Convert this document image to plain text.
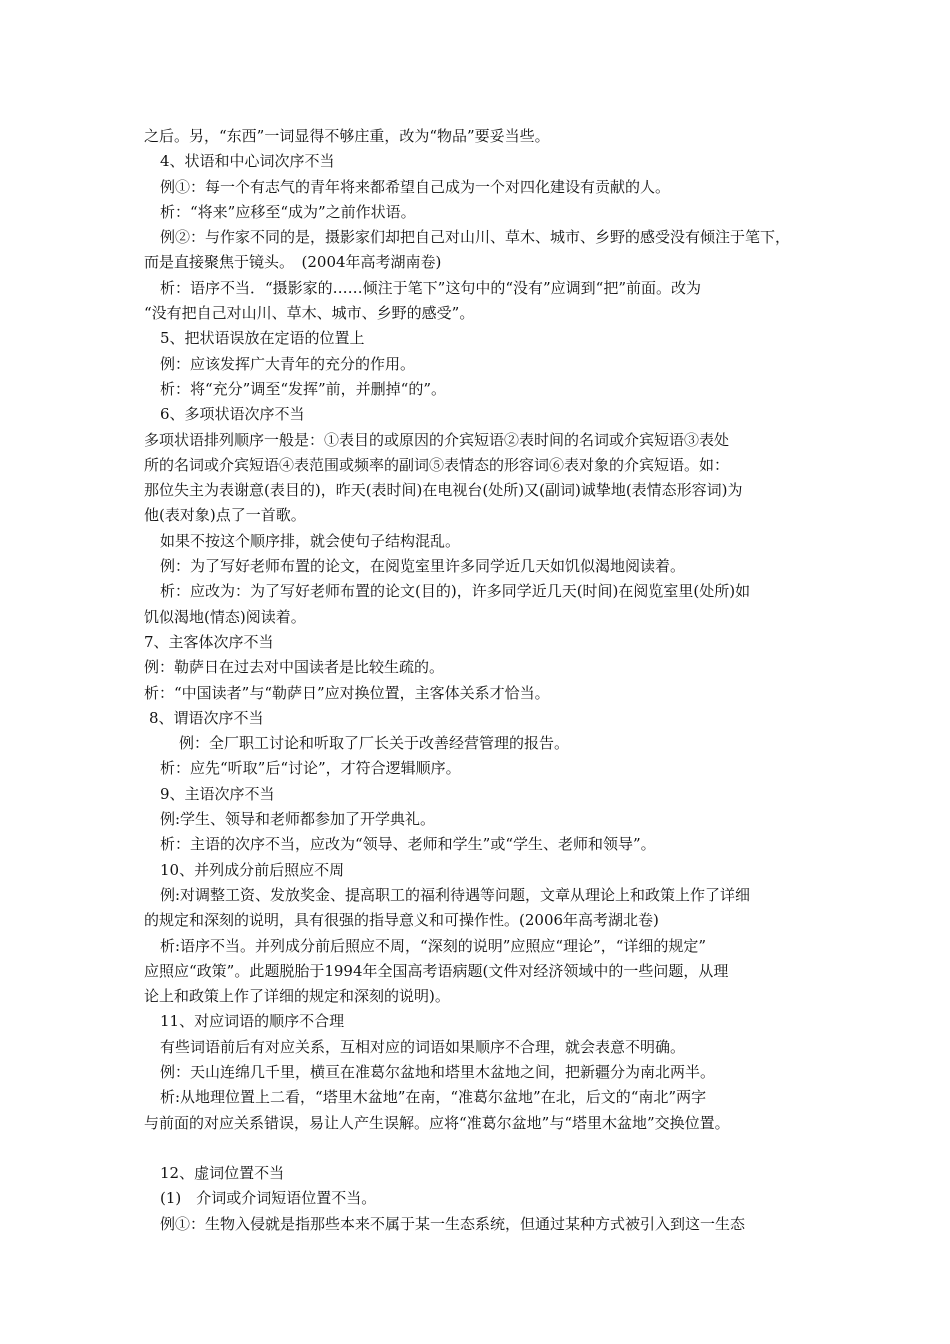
之后。另，“东西”一词显得不够庄重，改为“物品”要妥当些。
4、状语和中心词次序不当
例①：每一个有志气的青年将来都希望自己成为一个对四化建设有贡献的人。
析：“将来”应移至“成为”之前作状语。
例②：与作家不同的是，摄影家们却把自己对山川、草木、城市、乡野的感受没有倾注于笔下，
而是直接聚焦于镜头。　(2004年高考湖南卷)
析：语序不当．“摄影家的……倾注于笔下”这句中的“没有”应调到“把”前面。改为
“没有把自己对山川、草木、城市、乡野的感受”。
5、把状语误放在定语的位置上
例：应该发挥广大青年的充分的作用。
析：将“充分”调至“发挥”前，并删掉“的”。
6、多项状语次序不当
多项状语排列顺序一般是：①表目的或原因的介宾短语②表时间的名词或介宾短语③表处
所的名词或介宾短语④表范围或频率的副词⑤表情态的形容词⑥表对象的介宾短语。如：
那位失主为表谢意(表目的)，昨天(表时间)在电视台(处所)又(副词)诚挚地(表情态形容词)为
他(表对象)点了一首歌。
如果不按这个顺序排，就会使句子结构混乱。
例：为了写好老师布置的论文，在阅览室里许多同学近几天如饥似渴地阅读着。
析：应改为：为了写好老师布置的论文(目的)，许多同学近几天(时间)在阅览室里(处所)如
饥似渴地(情态)阅读着。
7、主客体次序不当
例：勒萨日在过去对中国读者是比较生疏的。
析：“中国读者”与“勒萨日”应对换位置，主客体关系才恰当。
8、谓语次序不当
例：全厂职工讨论和听取了厂长关于改善经营管理的报告。
析：应先“听取”后“讨论”，才符合逻辑顺序。
9、主语次序不当
例:学生、领导和老师都参加了开学典礼。
析：主语的次序不当，应改为“领导、老师和学生”或“学生、老师和领导”。
10、并列成分前后照应不周
例:对调整工资、发放奖金、提高职工的福利待遇等问题，文章从理论上和政策上作了详细
的规定和深刻的说明，具有很强的指导意义和可操作性。(2006年高考湖北卷)
析:语序不当。并列成分前后照应不周，“深刻的说明”应照应“理论”，“详细的规定”
应照应“政策”。此题脱胎于1994年全国高考语病题(文件对经济领域中的一些问题，从理
论上和政策上作了详细的规定和深刻的说明)。
11、对应词语的顺序不合理
有些词语前后有对应关系，互相对应的词语如果顺序不合理，就会表意不明确。
例：天山连绵几千里，横亘在准葛尔盆地和塔里木盆地之间，把新疆分为南北两半。
析:从地理位置上二看，“塔里木盆地”在南，“准葛尔盆地”在北，后文的“南北”两字
与前面的对应关系错误，易让人产生误解。应将“准葛尔盆地”与“塔里木盆地”交换位置。
12、虚词位置不当
(1)　介词或介词短语位置不当。
例①：生物入侵就是指那些本来不属于某一生态系统，但通过某种方式被引入到这一生态
